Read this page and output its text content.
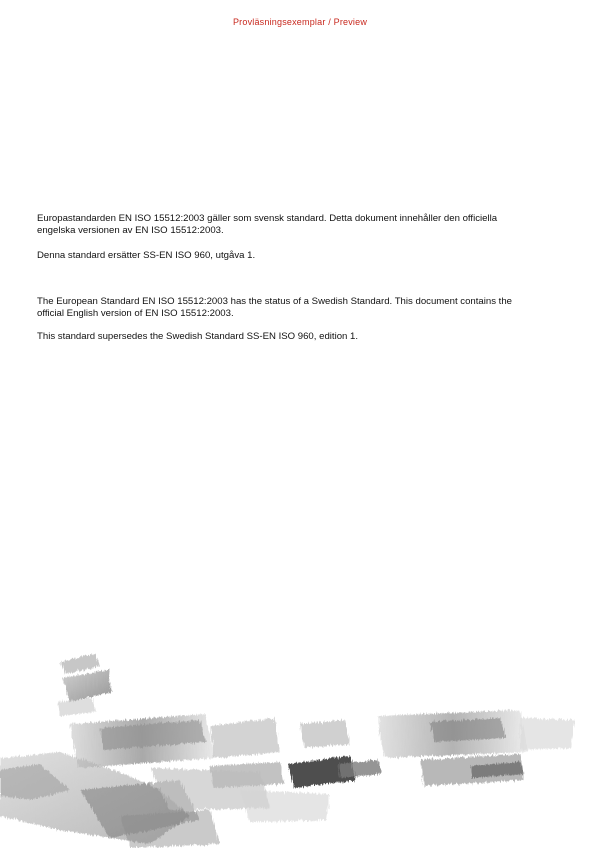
Provläsningsexemplar / Preview
Europastandarden EN ISO 15512:2003 gäller som svensk standard. Detta dokument innehåller den officiella engelska versionen av EN ISO 15512:2003.
Denna standard ersätter SS-EN ISO 960, utgåva 1.
The European Standard EN ISO 15512:2003 has the status of a Swedish Standard. This document contains the official English version of EN ISO 15512:2003.
This standard supersedes the Swedish Standard SS-EN ISO 960, edition 1.
